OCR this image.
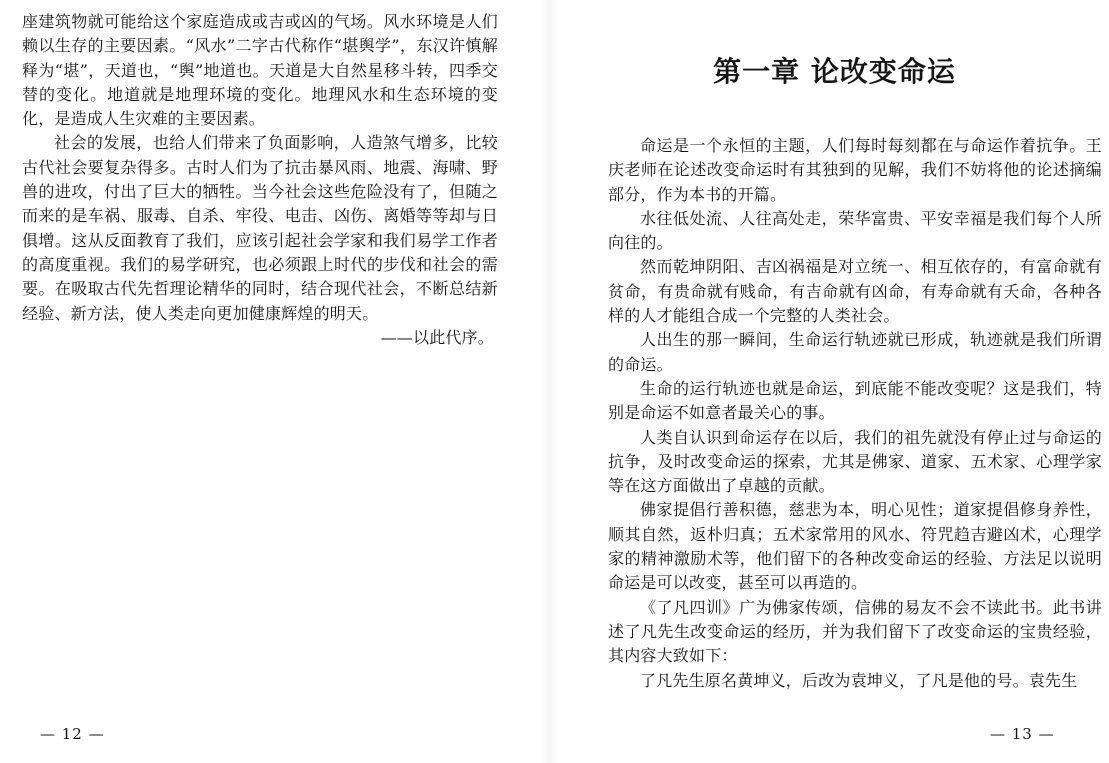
座建筑物就可能给这个家庭造成或吉或凶的气场。风水环境是人们赖以生存的主要因素。“风水”二字古代称作“堪舆学”，东汉许慎解释为“堪”，天道也，“舆”地道也。天道是大自然星移斗转，四季交替的变化。地道就是地理环境的变化。地理风水和生态环境的变化，是造成人生灾难的主要因素。

社会的发展，也给人们带来了负面影响，人造煞气增多，比较古代社会要复杂得多。古时人们为了抗击暴风雨、地震、海啸、野兽的进攻，付出了巨大的牺牲。当今社会这些危险没有了，但随之而来的是车祸、服毒、自杀、牢役、电击、凶伤、离婚等等却与日俱增。这从反面教育了我们，应该引起社会学家和我们易学工作者的高度重视。我们的易学研究，也必须跟上时代的步伐和社会的需要。在吸取古代先哲理论精华的同时，结合现代社会，不断总结新经验、新方法，使人类走向更加健康辉煌的明天。

——以此代序。

— 12 —

第一章 论改变命运

命运是一个永恒的主题，人们每时每刻都在与命运作着抗争。王庆老师在论述改变命运时有其独到的见解，我们不妨将他的论述摘编部分，作为本书的开篇。

水往低处流、人往高处走，荣华富贵、平安幸福是我们每个人所向往的。

然而乾坤阴阳、吉凶祸福是对立统一、相互依存的，有富命就有贫命，有贵命就有贱命，有吉命就有凶命，有寿命就有夭命，各种各样的人才能组合成一个完整的人类社会。

人出生的那一瞬间，生命运行轨迹就已形成，轨迹就是我们所谓的命运。

生命的运行轨迹也就是命运，到底能不能改变呢？这是我们，特别是命运不如意者最关心的事。

人类自认识到命运存在以后，我们的祖先就没有停止过与命运的抗争，及时改变命运的探索，尤其是佛家、道家、五术家、心理学家等在这方面做出了卓越的贡献。

佛家提倡行善积德，慈悲为本，明心见性；道家提倡修身养性，顺其自然，返朴归真；五术家常用的风水、符咒趋吉避凶术，心理学家的精神激励术等，他们留下的各种改变命运的经验、方法足以说明命运是可以改变，甚至可以再造的。

《了凡四训》广为佛家传颂，信佛的易友不会不读此书。此书讲述了凡先生改变命运的经历，并为我们留下了改变命运的宝贵经验，其内容大致如下：

了凡先生原名黄坤义，后改为袁坤义，了凡是他的号。袁先生

— 13 —
